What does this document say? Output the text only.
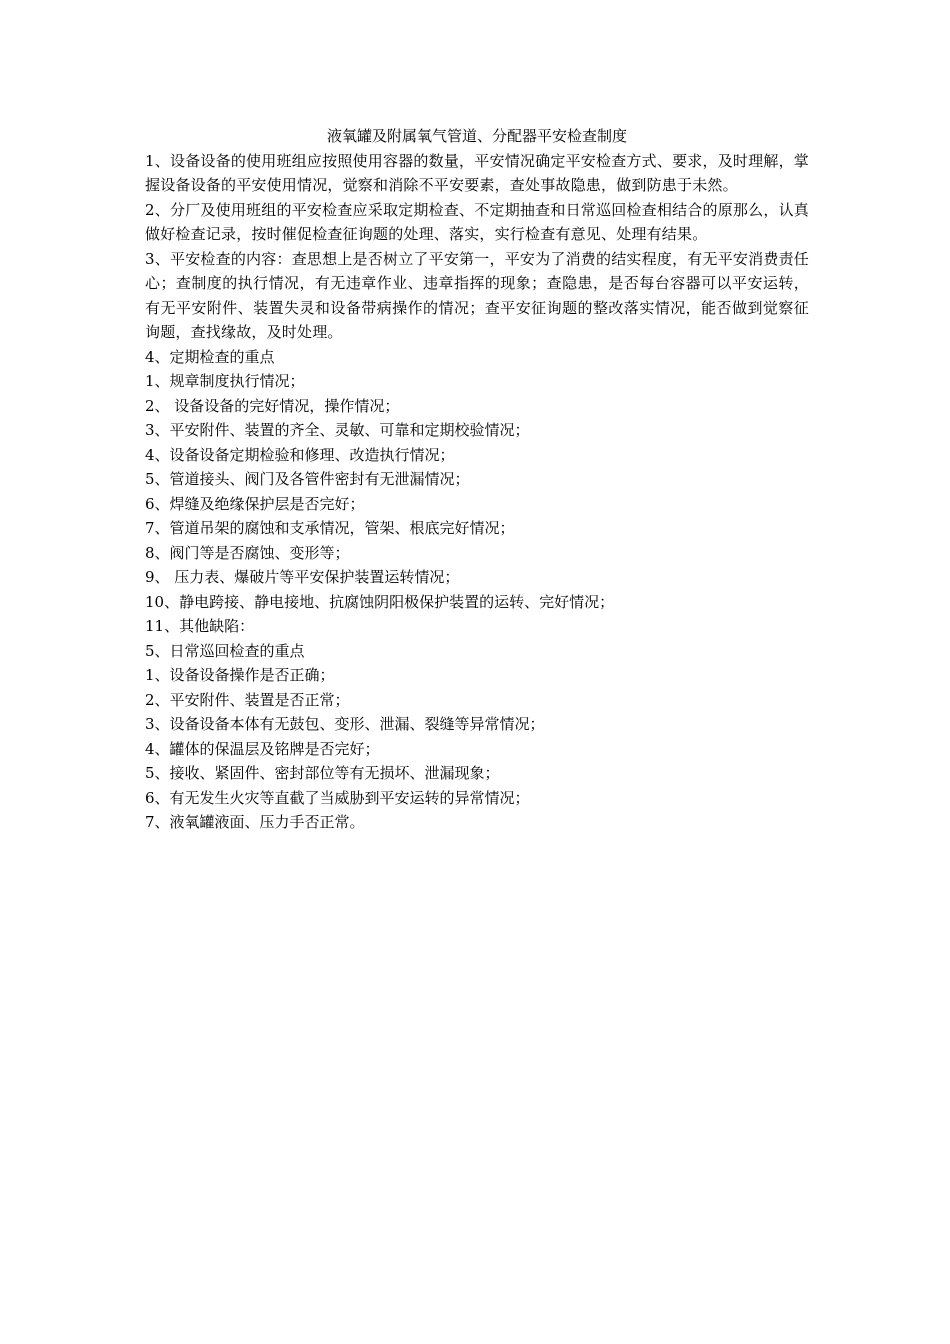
液氧罐及附属氧气管道、分配器平安检查制度

1、设备设备的使用班组应按照使用容器的数量，平安情况确定平安检查方式、要求，及时理解，掌握设备设备的平安使用情况，觉察和消除不平安要素，查处事故隐患，做到防患于未然。

2、分厂及使用班组的平安检查应采取定期检查、不定期抽查和日常巡回检查相结合的原那么，认真做好检查记录，按时催促检查征询题的处理、落实，实行检查有意见、处理有结果。

3、平安检查的内容：查思想上是否树立了平安第一，平安为了消费的结实程度，有无平安消费责任心；查制度的执行情况，有无违章作业、违章指挥的现象；查隐患，是否每台容器可以平安运转，有无平安附件、装置失灵和设备带病操作的情况；查平安征询题的整改落实情况，能否做到觉察征询题，查找缘故，及时处理。

4、定期检查的重点

1、规章制度执行情况；

2、 设备设备的完好情况，操作情况；

3、平安附件、装置的齐全、灵敏、可靠和定期校验情况；

4、设备设备定期检验和修理、改造执行情况；

5、管道接头、阀门及各管件密封有无泄漏情况；

6、焊缝及绝缘保护层是否完好；

7、管道吊架的腐蚀和支承情况，管架、根底完好情况；

8、阀门等是否腐蚀、变形等；

9、 压力表、爆破片等平安保护装置运转情况；

10、静电跨接、静电接地、抗腐蚀阴阳极保护装置的运转、完好情况；

11、其他缺陷：

5、日常巡回检查的重点

1、设备设备操作是否正确；

2、平安附件、装置是否正常；

3、设备设备本体有无鼓包、变形、泄漏、裂缝等异常情况；

4、罐体的保温层及铭牌是否完好；

5、接收、紧固件、密封部位等有无损坏、泄漏现象；

6、有无发生火灾等直截了当威胁到平安运转的异常情况；

7、液氧罐液面、压力手否正常。
